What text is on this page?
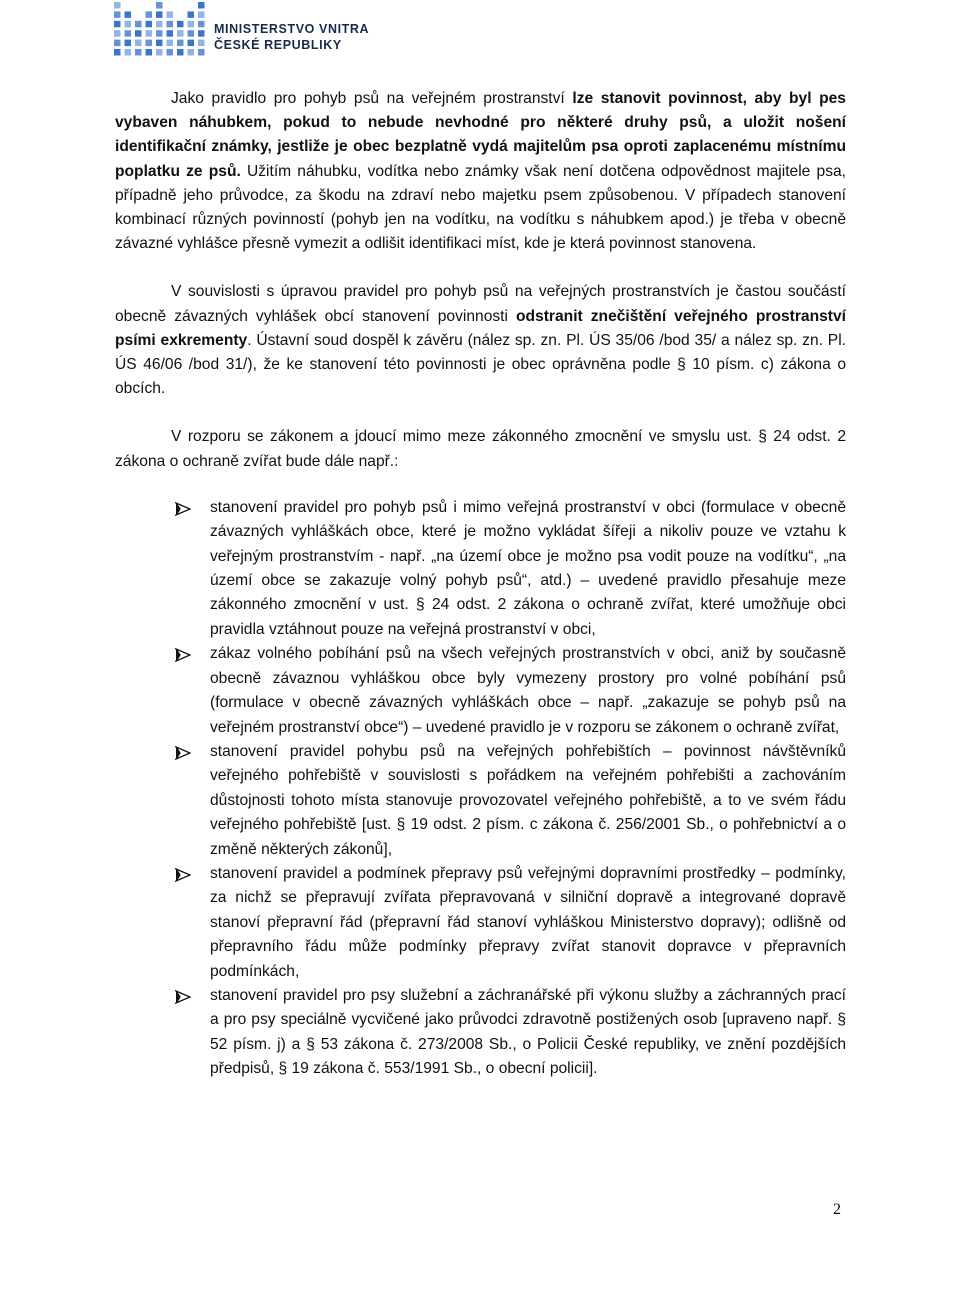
MINISTERSTVO VNITRA
ČESKÉ REPUBLIKY

Jako pravidlo pro pohyb psů na veřejném prostranství lze stanovit povinnost, aby byl pes vybaven náhubkem, pokud to nebude nevhodné pro některé druhy psů, a uložit nošení identifikační známky, jestliže je obec bezplatně vydá majitelům psa oproti zaplacenému místnímu poplatku ze psů. Užitím náhubku, vodítka nebo známky však není dotčena odpovědnost majitele psa, případně jeho průvodce, za škodu na zdraví nebo majetku psem způsobenou. V případech stanovení kombinací různých povinností (pohyb jen na vodítku, na vodítku s náhubkem apod.) je třeba v obecně závazné vyhlášce přesně vymezit a odlišit identifikaci míst, kde je která povinnost stanovena.

V souvislosti s úpravou pravidel pro pohyb psů na veřejných prostranstvích je častou součástí obecně závazných vyhlášek obcí stanovení povinnosti odstranit znečištění veřejného prostranství psími exkrementy. Ústavní soud dospěl k závěru (nález sp. zn. Pl. ÚS 35/06 /bod 35/ a nález sp. zn. Pl. ÚS 46/06 /bod 31/), že ke stanovení této povinnosti je obec oprávněna podle § 10 písm. c) zákona o obcích.

V rozporu se zákonem a jdoucí mimo meze zákonného zmocnění ve smyslu ust. § 24 odst. 2 zákona o ochraně zvířat bude dále např.:

stanovení pravidel pro pohyb psů i mimo veřejná prostranství v obci (formulace v obecně závazných vyhláškách obce, které je možno vykládat šířeji a nikoliv pouze ve vztahu k veřejným prostranstvím - např. „na území obce je možno psa vodit pouze na vodítku“, „na území obce se zakazuje volný pohyb psů“, atd.) – uvedené pravidlo přesahuje meze zákonného zmocnění v ust. § 24 odst. 2 zákona o ochraně zvířat, které umožňuje obci pravidla vztáhnout pouze na veřejná prostranství v obci,
zákaz volného pobíhání psů na všech veřejných prostranstvích v obci, aniž by současně obecně závaznou vyhláškou obce byly vymezeny prostory pro volné pobíhání psů (formulace v obecně závazných vyhláškách obce – např. „zakazuje se pohyb psů na veřejném prostranství obce“) – uvedené pravidlo je v rozporu se zákonem o ochraně zvířat,
stanovení pravidel pohybu psů na veřejných pohřebištích – povinnost návštěvníků veřejného pohřebiště v souvislosti s pořádkem na veřejném pohřebišti a zachováním důstojnosti tohoto místa stanovuje provozovatel veřejného pohřebiště, a to ve svém řádu veřejného pohřebiště [ust. § 19 odst. 2 písm. c zákona č. 256/2001 Sb., o pohřebnictví a o změně některých zákonů],
stanovení pravidel a podmínek přepravy psů veřejnými dopravními prostředky – podmínky, za nichž se přepravují zvířata přepravovaná v silniční dopravě a integrované dopravě stanoví přepravní řád (přepravní řád stanoví vyhláškou Ministerstvo dopravy); odlišně od přepravního řádu může podmínky přepravy zvířat stanovit dopravce v přepravních podmínkách,
stanovení pravidel pro psy služební a záchranářské při výkonu služby a záchranných prací a pro psy speciálně vycvičené jako průvodci zdravotně postižených osob [upraveno např. § 52 písm. j) a § 53 zákona č. 273/2008 Sb., o Policii České republiky, ve znění pozdějších předpisů, § 19 zákona č. 553/1991 Sb., o obecní policii].
2
